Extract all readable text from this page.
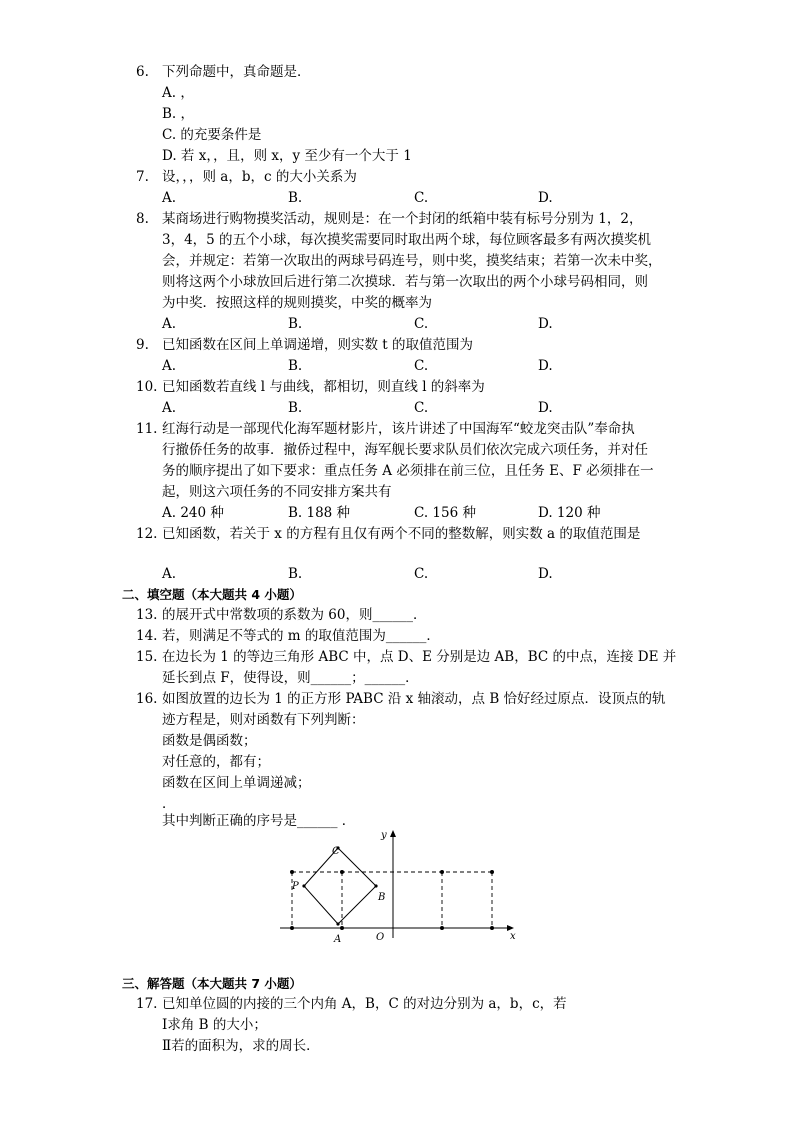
6. 下列命题中，真命题是．
A. ，
B. ，
C. 的充要条件是
D. 若 x，，且，则 x，y 至少有一个大于 1
7. 设，，，则 a，b，c 的大小关系为
A.	B.	C.	D.
8. 某商场进行购物摸奖活动，规则是：在一个封闭的纸箱中装有标号分别为 1，2，
3，4，5 的五个小球，每次摸奖需要同时取出两个球，每位顾客最多有两次摸奖机
会，并规定：若第一次取出的两球号码连号，则中奖，摸奖结束；若第一次未中奖，
则将这两个小球放回后进行第二次摸球．若与第一次取出的两个小球号码相同，则
为中奖．按照这样的规则摸奖，中奖的概率为
A.	B.	C.	D.
9. 已知函数在区间上单调递增，则实数 t 的取值范围为
A.	B.	C.	D.
10. 已知函数若直线 l 与曲线，都相切，则直线 l 的斜率为
A.	B.	C.	D.
11. 红海行动是一部现代化海军题材影片，该片讲述了中国海军“蛟龙突击队”奉命执
行撤侨任务的故事．撤侨过程中，海军舰长要求队员们依次完成六项任务，并对任
务的顺序提出了如下要求：重点任务 A 必须排在前三位，且任务 E、F 必须排在一
起，则这六项任务的不同安排方案共有
A. 240 种	B. 188 种	C. 156 种	D. 120 种
12. 已知函数，若关于 x 的方程有且仅有两个不同的整数解，则实数 a 的取值范围是
A.	B.	C.	D.
二、填空题（本大题共 4 小题）
13. 的展开式中常数项的系数为 60，则______．
14. 若，则满足不等式的 m 的取值范围为______．
15. 在边长为 1 的等边三角形 ABC 中，点 D、E 分别是边 AB，BC 的中点，连接 DE 并
延长到点 F，使得设，则______；______．
16. 如图放置的边长为 1 的正方形 PABC 沿 x 轴滚动，点 B 恰好经过原点．设顶点的轨
迹方程是，则对函数有下列判断：
函数是偶函数；
对任意的，都有；
函数在区间上单调递减；
．
其中判断正确的序号是______ ．
y
x
C
P
B
A	O
三、解答题（本大题共 7 小题）
17. 已知单位圆的内接的三个内角 A，B，C 的对边分别为 a，b，c，若
Ⅰ求角 B 的大小；
Ⅱ若的面积为，求的周长．
